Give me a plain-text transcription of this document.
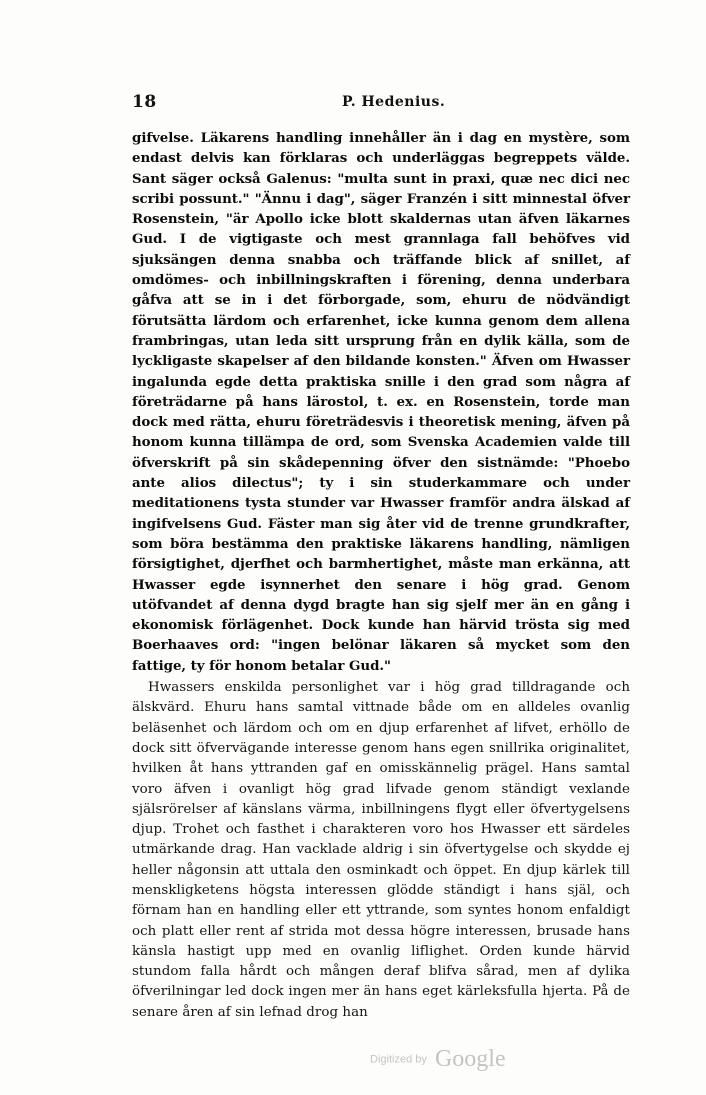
18	P. Hedenius.

gifvelse. Läkarens handling innehåller än i dag en mystère, som endast delvis kan förklaras och underläggas begreppets välde. Sant säger också Galenus: "multa sunt in praxi, quæ nec dici nec scribi possunt." "Ännu i dag", säger Franzén i sitt minnestal öfver Rosenstein, "är Apollo icke blott skaldernas utan äfven läkarnes Gud. I de vigtigaste och mest grannlaga fall behöfves vid sjuksängen denna snabba och träffande blick af snillet, af omdömes- och inbillningskraften i förening, denna underbara gåfva att se in i det förborgade, som, ehuru de nödvändigt förutsätta lärdom och erfarenhet, icke kunna genom dem allena frambringas, utan leda sitt ursprung från en dylik källa, som de lyckligaste skapelser af den bildande konsten." Äfven om Hwasser ingalunda egde detta praktiska snille i den grad som några af företrädarne på hans lärostol, t. ex. en Rosenstein, torde man dock med rätta, ehuru företrädesvis i theoretisk mening, äfven på honom kunna tillämpa de ord, som Svenska Academien valde till öfverskrift på sin skådepenning öfver den sistnämde: "Phoebo ante alios dilectus"; ty i sin studerkammare och under meditationens tysta stunder var Hwasser framför andra älskad af ingifvelsens Gud. Fäster man sig åter vid de trenne grundkrafter, som böra bestämma den praktiske läkarens handling, nämligen försigtighet, djerfhet och barmhertighet, måste man erkänna, att Hwasser egde isynnerhet den senare i hög grad. Genom utöfvandet af denna dygd bragte han sig sjelf mer än en gång i ekonomisk förlägenhet. Dock kunde han härvid trösta sig med Boerhaaves ord: "ingen belönar läkaren så mycket som den fattige, ty för honom betalar Gud."

Hwassers enskilda personlighet var i hög grad tilldragande och älskvärd. Ehuru hans samtal vittnade både om en alldeles ovanlig beläsenhet och lärdom och om en djup erfarenhet af lifvet, erhöllo de dock sitt öfvervägande interesse genom hans egen snillrika originalitet, hvilken åt hans yttranden gaf en omisskännelig prägel. Hans samtal voro äfven i ovanligt hög grad lifvade genom ständigt vexlande själsrörelser af känslans värma, inbillningens flygt eller öfvertygelsens djup. Trohet och fasthet i charakteren voro hos Hwasser ett särdeles utmärkande drag. Han vacklade aldrig i sin öfvertygelse och skydde ej heller någonsin att uttala den osminkadt och öppet. En djup kärlek till menskligketens högsta interessen glödde ständigt i hans själ, och förnam han en handling eller ett yttrande, som syntes honom enfaldigt och platt eller rent af strida mot dessa högre interessen, brusade hans känsla hastigt upp med en ovanlig liflighet. Orden kunde härvid stundom falla hårdt och mången deraf blifva sårad, men af dylika öfverilningar led dock ingen mer än hans eget kärleksfulla hjerta. På de senare åren af sin lefnad drog han

Digitized by Google
